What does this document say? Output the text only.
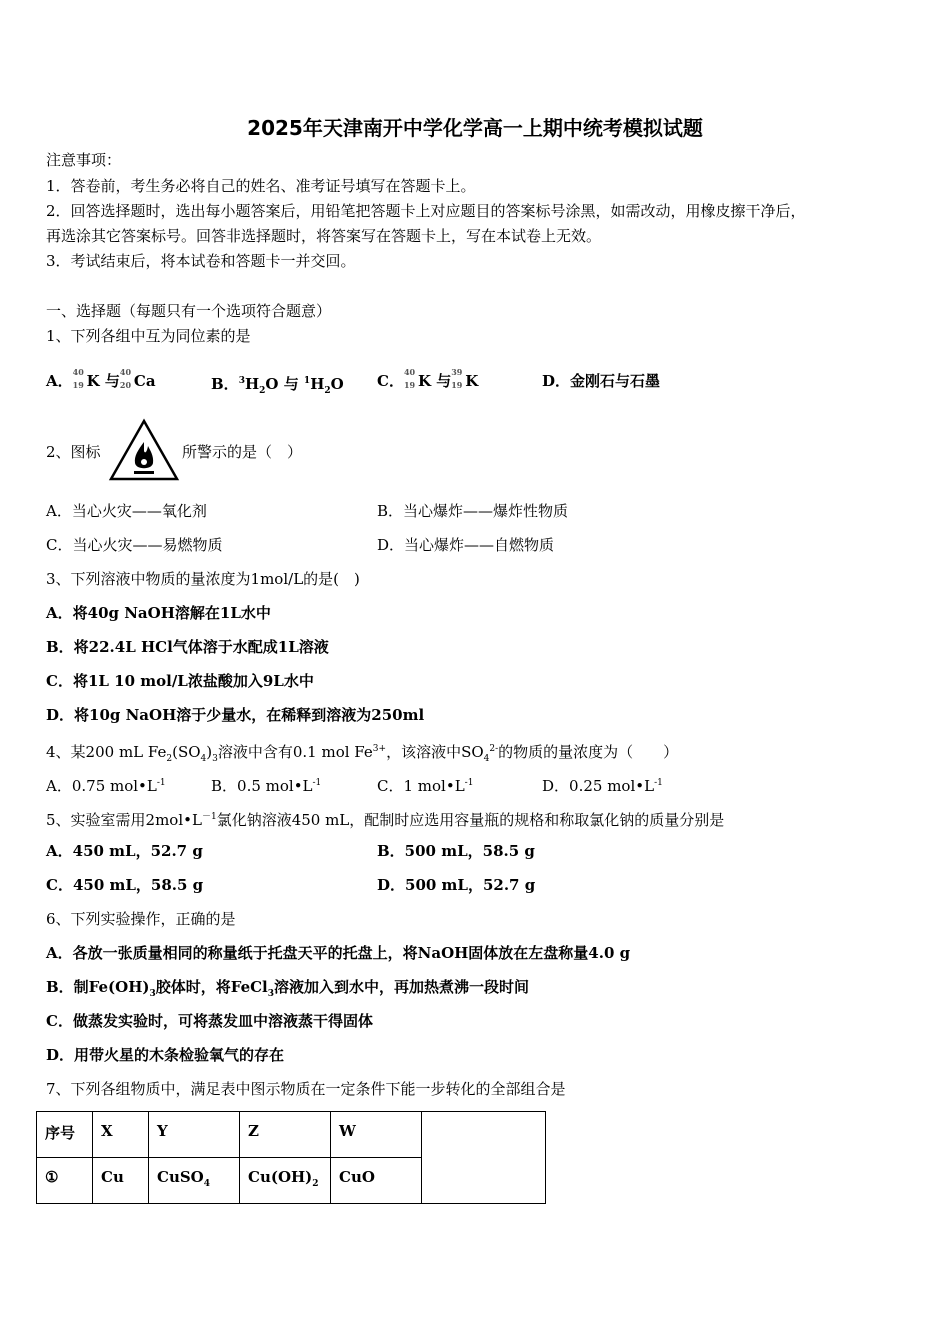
2025年天津南开中学化学高一上期中统考模拟试题
注意事项：
1．答卷前，考生务必将自己的姓名、准考证号填写在答题卡上。
2．回答选择题时，选出每小题答案后，用铅笔把答题卡上对应题目的答案标号涂黑，如需改动，用橡皮擦干净后，
再选涂其它答案标号。回答非选择题时，将答案写在答题卡上，写在本试卷上无效。
3．考试结束后，将本试卷和答题卡一并交回。
一、选择题（每题只有一个选项符合题意）
1、下列各组中互为同位素的是
A． 40
19 K 与 40
20 Ca	B．$^3H_2O$ 与 $^1H_2O$ C． 40
19 K 与 39
19 K	D．金刚石与石墨
2、图标	所警示的是（　）
A．当心火灾——氧化剂	B．当心爆炸——爆炸性物质
C．当心火灾——易燃物质	D．当心爆炸——自燃物质
3、下列溶液中物质的量浓度为1mol/L的是(　)
A．将40g NaOH溶解在1L水中
B．将22.4L HCl气体溶于水配成1L溶液
C．将1L 10 mol/L浓盐酸加入9L水中
D．将10g NaOH溶于少量水，在稀释到溶液为250ml
4、某200 mL $Fe_2(SO_4)_3$溶液中含有0.1 mol $Fe^{3+}$，该溶液中$SO_4^{2-}$的物质的量浓度为（　　）
A．0.75 $mol•L^{-1}$	B．0.5 $mol•L^{-1}$	C．1 $mol•L^{-1}$	D．0.25 $mol•L^{-1}$
5、实验室需用$2mol•L^{-1}$氯化钠溶液450 mL，配制时应选用容量瓶的规格和称取氯化钠的质量分别是
A．450 mL，52.7 g	B．500 mL，58.5 g
C．450 mL，58.5 g	D．500 mL，52.7 g
6、下列实验操作，正确的是
A．各放一张质量相同的称量纸于托盘天平的托盘上，将NaOH固体放在左盘称量4.0 g
B．制$Fe(OH)_3$胶体时，将FeCl$_3$溶液加入到水中，再加热煮沸一段时间
C．做蒸发实验时，可将蒸发皿中溶液蒸干得固体
D．用带火星的木条检验氧气的存在
7、下列各组物质中，满足表中图示物质在一定条件下能一步转化的全部组合是
序号	X	Y	Z	W	
①	Cu	CuSO$_4$	$Cu(OH)_2$	CuO	
